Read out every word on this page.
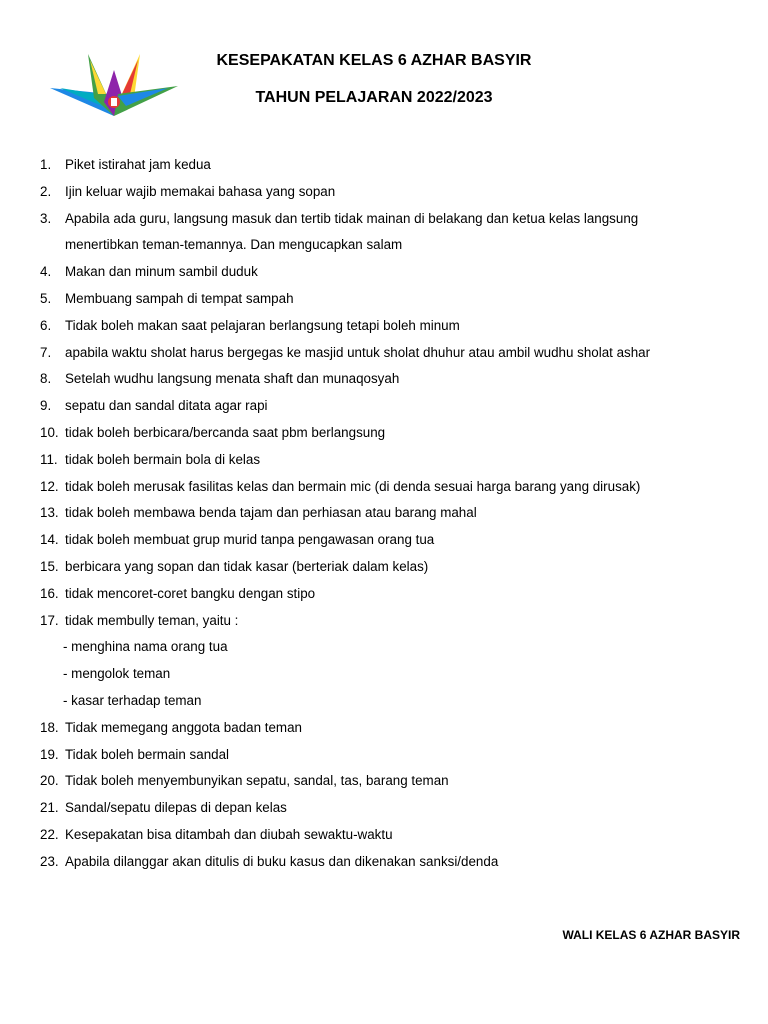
KESEPAKATAN KELAS 6 AZHAR BASYIR
TAHUN PELAJARAN 2022/2023
1.	Piket istirahat jam kedua
2.	Ijin keluar wajib memakai bahasa yang sopan
3.	Apabila ada guru, langsung masuk dan tertib tidak mainan di belakang dan ketua kelas langsung
menertibkan teman-temannya. Dan mengucapkan salam
4.	Makan dan minum sambil duduk
5.	Membuang sampah di tempat sampah
6.	Tidak boleh makan saat pelajaran berlangsung tetapi boleh minum
7.	apabila waktu sholat harus bergegas ke masjid untuk sholat dhuhur atau ambil wudhu sholat ashar
8.	Setelah wudhu langsung menata shaft dan munaqosyah
9.	sepatu dan sandal ditata agar rapi
10. tidak boleh berbicara/bercanda saat pbm berlangsung
11. tidak boleh bermain bola di kelas
12. tidak boleh merusak fasilitas kelas dan bermain mic (di denda sesuai harga barang yang dirusak)
13. tidak boleh membawa benda tajam dan perhiasan atau barang mahal
14. tidak boleh membuat grup murid tanpa pengawasan orang tua
15. berbicara yang sopan dan tidak kasar (berteriak dalam kelas)
16. tidak mencoret-coret bangku dengan stipo
17. tidak membully teman, yaitu :
- menghina nama orang tua
- mengolok teman
- kasar terhadap teman
18. Tidak memegang anggota badan teman
19. Tidak boleh bermain sandal
20. Tidak boleh menyembunyikan sepatu, sandal, tas, barang teman
21. Sandal/sepatu dilepas di depan kelas
22. Kesepakatan bisa ditambah dan diubah sewaktu-waktu
23. Apabila dilanggar akan ditulis di buku kasus dan dikenakan sanksi/denda
WALI KELAS 6 AZHAR BASYIR
